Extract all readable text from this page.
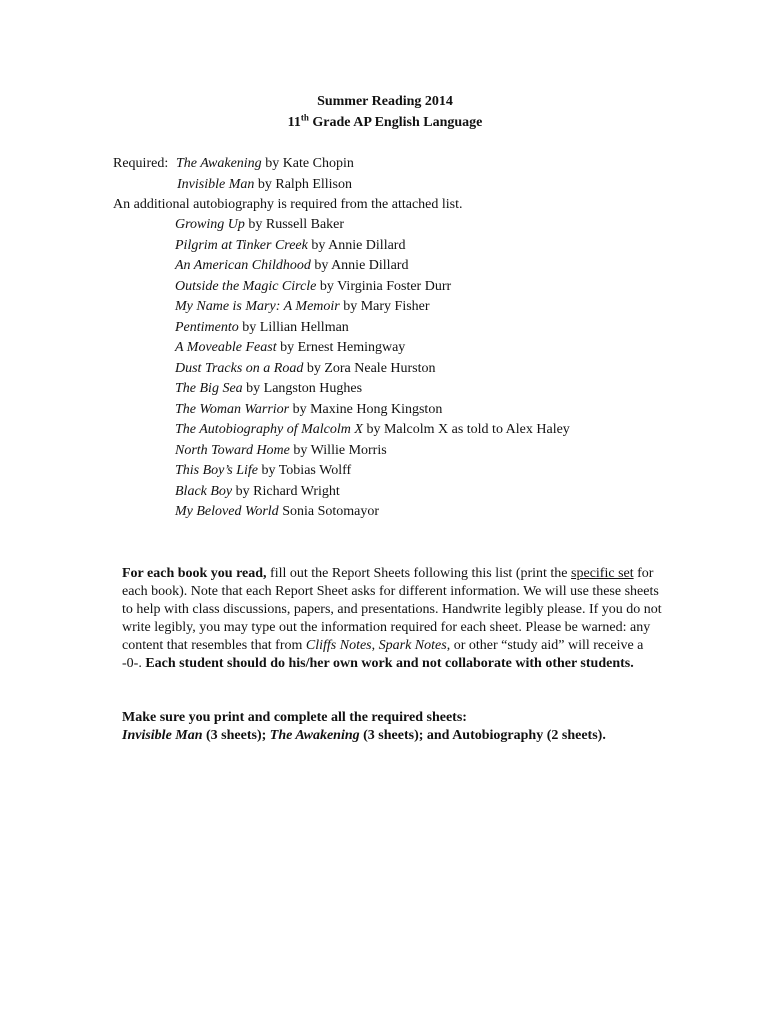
Summer Reading 2014
11th Grade AP English Language
Required: The Awakening by Kate Chopin
Invisible Man by Ralph Ellison
An additional autobiography is required from the attached list.
Growing Up by Russell Baker
Pilgrim at Tinker Creek by Annie Dillard
An American Childhood by Annie Dillard
Outside the Magic Circle by Virginia Foster Durr
My Name is Mary: A Memoir by Mary Fisher
Pentimento by Lillian Hellman
A Moveable Feast by Ernest Hemingway
Dust Tracks on a Road by Zora Neale Hurston
The Big Sea by Langston Hughes
The Woman Warrior by Maxine Hong Kingston
The Autobiography of Malcolm X by Malcolm X as told to Alex Haley
North Toward Home by Willie Morris
This Boy’s Life by Tobias Wolff
Black Boy by Richard Wright
My Beloved World Sonia Sotomayor

For each book you read, fill out the Report Sheets following this list (print the specific set for each book). Note that each Report Sheet asks for different information. We will use these sheets to help with class discussions, papers, and presentations. Handwrite legibly please. If you do not write legibly, you may type out the information required for each sheet. Please be warned: any content that resembles that from Cliffs Notes, Spark Notes, or other “study aid” will receive a -0-. Each student should do his/her own work and not collaborate with other students.

Make sure you print and complete all the required sheets:
Invisible Man (3 sheets); The Awakening (3 sheets); and Autobiography (2 sheets).
